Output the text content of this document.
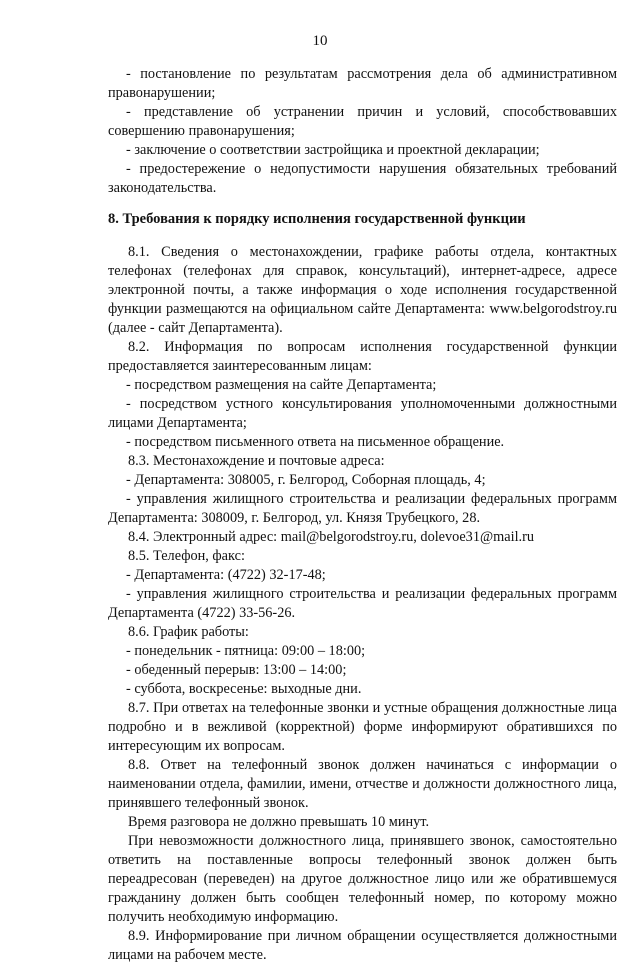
10

- постановление по результатам рассмотрения дела об административном правонарушении;

- представление об устранении причин и условий, способствовавших совершению правонарушения;

- заключение о соответствии застройщика и проектной декларации;

- предостережение о недопустимости нарушения обязательных требований законодательства.

8. Требования к порядку исполнения государственной функции

8.1. Сведения о местонахождении, графике работы отдела, контактных телефонах (телефонах для справок, консультаций), интернет-адресе, адресе электронной почты, а также информация о ходе исполнения государственной функции размещаются на официальном сайте Департамента: www.belgorodstroy.ru (далее - сайт Департамента).

8.2. Информация по вопросам исполнения государственной функции предоставляется заинтересованным лицам:

- посредством размещения на сайте Департамента;

- посредством устного консультирования уполномоченными должностными лицами Департамента;

- посредством письменного ответа на письменное обращение.

8.3. Местонахождение и почтовые адреса:

- Департамента: 308005, г. Белгород, Соборная площадь, 4;

- управления жилищного строительства и реализации федеральных программ Департамента: 308009, г. Белгород, ул. Князя Трубецкого, 28.

8.4. Электронный адрес: mail@belgorodstroy.ru, dolevoe31@mail.ru

8.5. Телефон, факс:

- Департамента: (4722) 32-17-48;

- управления жилищного строительства и реализации федеральных программ Департамента (4722) 33-56-26.

8.6. График работы:

- понедельник - пятница: 09:00 – 18:00;

- обеденный перерыв: 13:00 – 14:00;

- суббота, воскресенье: выходные дни.

8.7. При ответах на телефонные звонки и устные обращения должностные лица подробно и в вежливой (корректной) форме информируют обратившихся по интересующим их вопросам.

8.8. Ответ на телефонный звонок должен начинаться с информации о наименовании отдела, фамилии, имени, отчестве и должности должностного лица, принявшего телефонный звонок.

Время разговора не должно превышать 10 минут.

При невозможности должностного лица, принявшего звонок, самостоятельно ответить на поставленные вопросы телефонный звонок должен быть переадресован (переведен) на другое должностное лицо или же обратившемуся гражданину должен быть сообщен телефонный номер, по которому можно получить необходимую информацию.

8.9. Информирование при личном обращении осуществляется должностными лицами на рабочем месте.
